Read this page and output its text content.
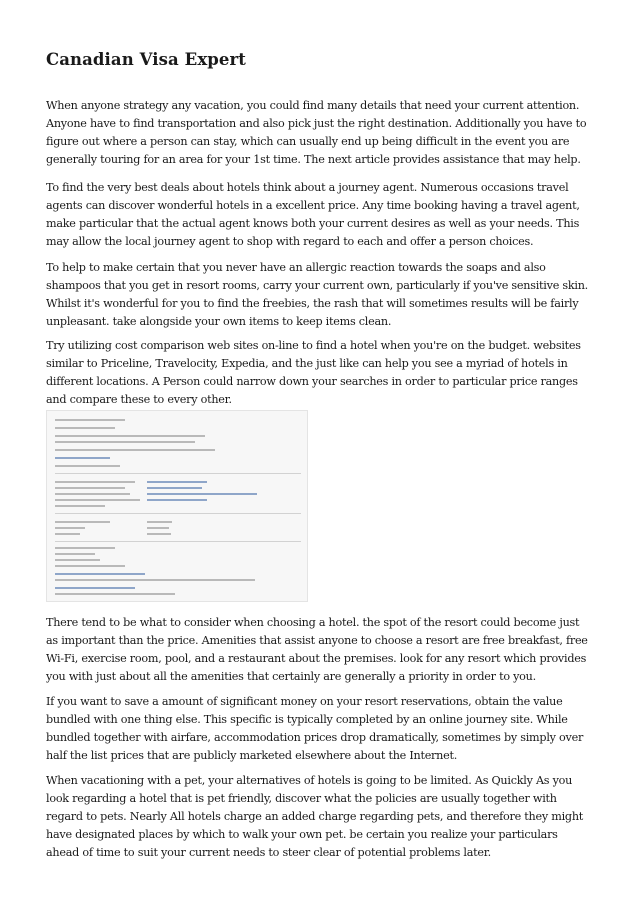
Canadian Visa Expert

When anyone strategy any vacation, you could find many details that need your current attention. Anyone have to find transportation and also pick just the right destination. Additionally you have to figure out where a person can stay, which can usually end up being difficult in the event you are generally touring for an area for your 1st time. The next article provides assistance that may help.

To find the very best deals about hotels think about a journey agent. Numerous occasions travel agents can discover wonderful hotels in a excellent price. Any time booking having a travel agent, make particular that the actual agent knows both your current desires as well as your needs. This may allow the local journey agent to shop with regard to each and offer a person choices.

To help to make certain that you never have an allergic reaction towards the soaps and also shampoos that you get in resort rooms, carry your current own, particularly if you've sensitive skin. Whilst it's wonderful for you to find the freebies, the rash that will sometimes results will be fairly unpleasant. take alongside your own items to keep items clean.

Try utilizing cost comparison web sites on-line to find a hotel when you're on the budget. websites similar to Priceline, Travelocity, Expedia, and the just like can help you see a myriad of hotels in different locations. A Person could narrow down your searches in order to particular price ranges and compare these to every other.

There tend to be what to consider when choosing a hotel. the spot of the resort could become just as important than the price. Amenities that assist anyone to choose a resort are free breakfast, free Wi-Fi, exercise room, pool, and a restaurant about the premises. look for any resort which provides you with just about all the amenities that certainly are generally a priority in order to you.

If you want to save a amount of significant money on your resort reservations, obtain the value bundled with one thing else. This specific is typically completed by an online journey site. While bundled together with airfare, accommodation prices drop dramatically, sometimes by simply over half the list prices that are publicly marketed elsewhere about the Internet.

When vacationing with a pet, your alternatives of hotels is going to be limited. As Quickly As you look regarding a hotel that is pet friendly, discover what the policies are usually together with regard to pets. Nearly All hotels charge an added charge regarding pets, and therefore they might have designated places by which to walk your own pet. be certain you realize your particulars ahead of time to suit your current needs to steer clear of potential problems later.
